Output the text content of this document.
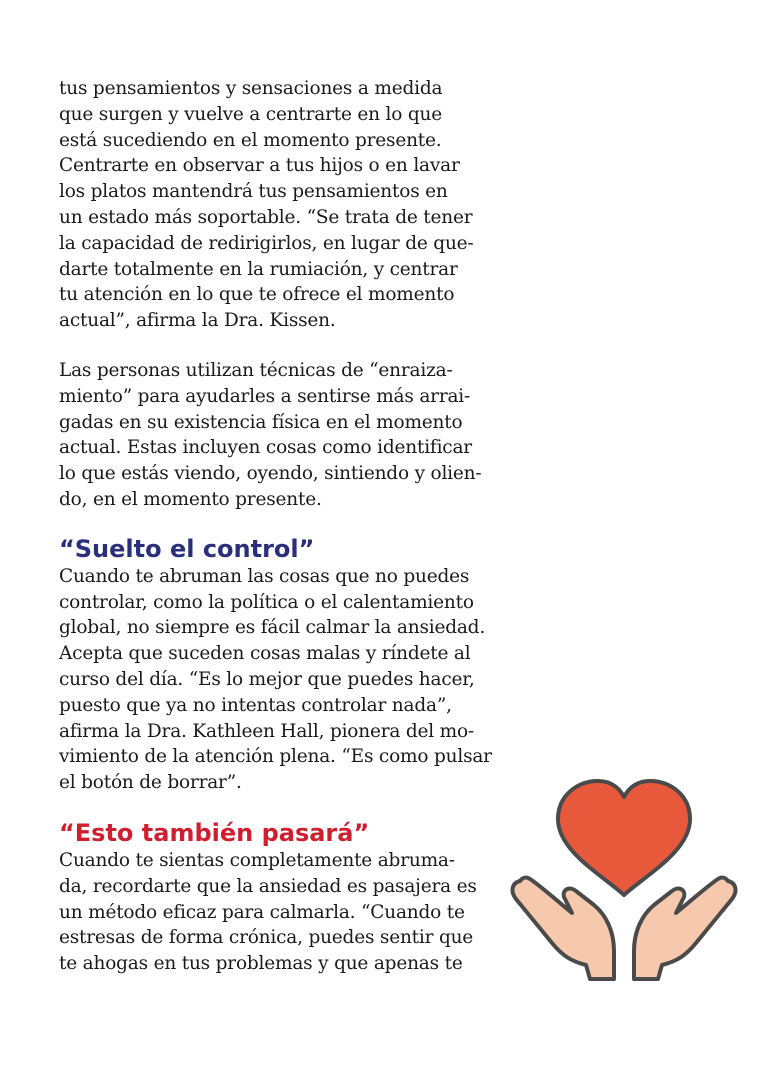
tus pensamientos y sensaciones a medida
que surgen y vuelve a centrarte en lo que
está sucediendo en el momento presente.
Centrarte en observar a tus hijos o en lavar
los platos mantendrá tus pensamientos en
un estado más soportable. “Se trata de tener
la capacidad de redirigirlos, en lugar de que-
darte totalmente en la rumiación, y centrar
tu atención en lo que te ofrece el momento
actual”, afirma la Dra. Kissen.
Las personas utilizan técnicas de “enraiza-
miento” para ayudarles a sentirse más arrai-
gadas en su existencia física en el momento
actual. Estas incluyen cosas como identificar
lo que estás viendo, oyendo, sintiendo y olien-
do, en el momento presente.
“Suelto el control”
Cuando te abruman las cosas que no puedes
controlar, como la política o el calentamiento
global, no siempre es fácil calmar la ansiedad.
Acepta que suceden cosas malas y ríndete al
curso del día. “Es lo mejor que puedes hacer,
puesto que ya no intentas controlar nada”,
afirma la Dra. Kathleen Hall, pionera del mo-
vimiento de la atención plena. “Es como pulsar
el botón de borrar”.
“Esto también pasará”
Cuando te sientas completamente abruma-
da, recordarte que la ansiedad es pasajera es
un método eficaz para calmarla. “Cuando te
estresas de forma crónica, puedes sentir que
te ahogas en tus problemas y que apenas te
